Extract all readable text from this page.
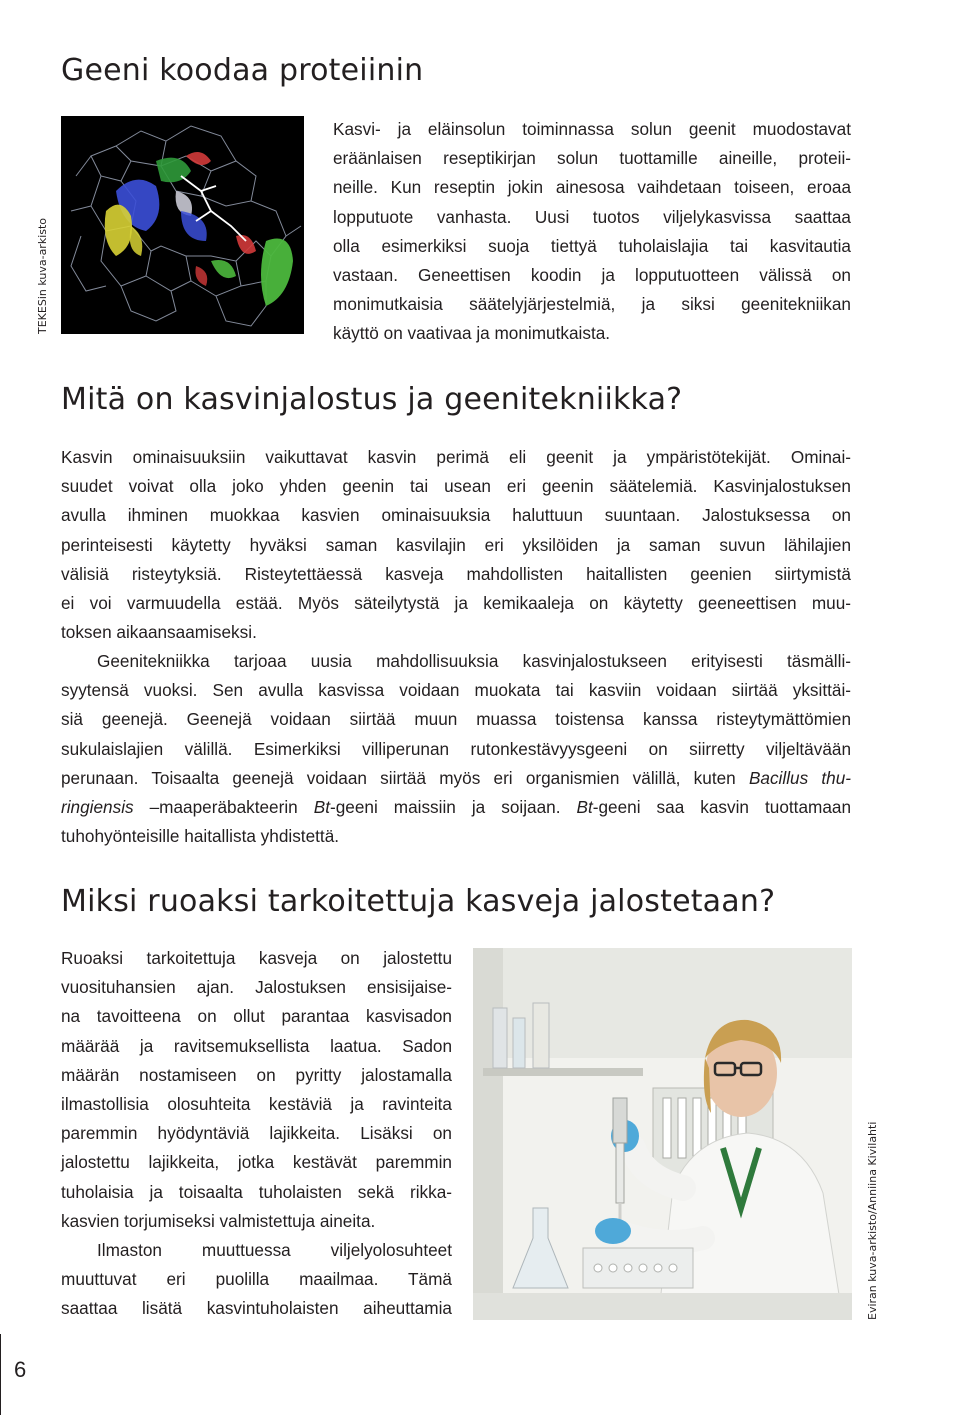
Geeni koodaa proteiinin
TEKESin kuva-arkisto
Kasvi- ja eläinsolun toiminnassa solun geenit muodostavat
eräänlaisen reseptikirjan solun tuottamille aineille, proteii-
neille. Kun reseptin jokin ainesosa vaihdetaan toiseen, eroaa
lopputuote vanhasta. Uusi tuotos viljelykasvissa saattaa
olla esimerkiksi suoja tiettyä tuholaislajia tai kasvitautia
vastaan. Geneettisen koodin ja lopputuotteen välissä on
monimutkaisia säätelyjärjestelmiä, ja siksi geenitekniikan
käyttö on vaativaa ja monimutkaista.
Mitä on kasvinjalostus ja geenitekniikka?
Kasvin ominaisuuksiin vaikuttavat kasvin perimä eli geenit ja ympäristötekijät. Ominai-
suudet voivat olla joko yhden geenin tai usean eri geenin säätelemiä. Kasvinjalostuksen
avulla ihminen muokkaa kasvien ominaisuuksia haluttuun suuntaan. Jalostuksessa on
perinteisesti käytetty hyväksi saman kasvilajin eri yksilöiden ja saman suvun lähilajien
välisiä risteytyksiä. Risteytettäessä kasveja mahdollisten haitallisten geenien siirtymistä
ei voi varmuudella estää. Myös säteilytystä ja kemikaaleja on käytetty geeneettisen muu-
toksen aikaansaamiseksi.
Geenitekniikka tarjoaa uusia mahdollisuuksia kasvinjalostukseen erityisesti täsmälli-
syytensä vuoksi. Sen avulla kasvissa voidaan muokata tai kasviin voidaan siirtää yksittäi-
siä geenejä. Geenejä voidaan siirtää muun muassa toistensa kanssa risteytymättömien
sukulaislajien välillä. Esimerkiksi villiperunan rutonkestävyysgeeni on siirretty viljeltävään
perunaan. Toisaalta geenejä voidaan siirtää myös eri organismien välillä, kuten Bacillus thu-
ringiensis –maaperäbakteerin Bt-geeni maissiin ja soijaan. Bt-geeni saa kasvin tuottamaan
tuhohyönteisille haitallista yhdistettä.
Miksi ruoaksi tarkoitettuja kasveja jalostetaan?
Ruoaksi tarkoitettuja kasveja on jalostettu
vuosituhansien ajan. Jalostuksen ensisijaise-
na tavoitteena on ollut parantaa kasvisadon
määrää ja ravitsemuksellista laatua. Sadon
määrän nostamiseen on pyritty jalostamalla
ilmastollisia olosuhteita kestäviä ja ravinteita
paremmin hyödyntäviä lajikkeita. Lisäksi on
jalostettu lajikkeita, jotka kestävät paremmin
tuholaisia ja toisaalta tuholaisten sekä rikka-
kasvien torjumiseksi valmistettuja aineita.
Ilmaston muuttuessa viljelyolosuhteet
muuttuvat eri puolilla maailmaa. Tämä
saattaa lisätä kasvintuholaisten aiheuttamia	Eviran kuva-arkisto/Anniina Kivilahti
6
